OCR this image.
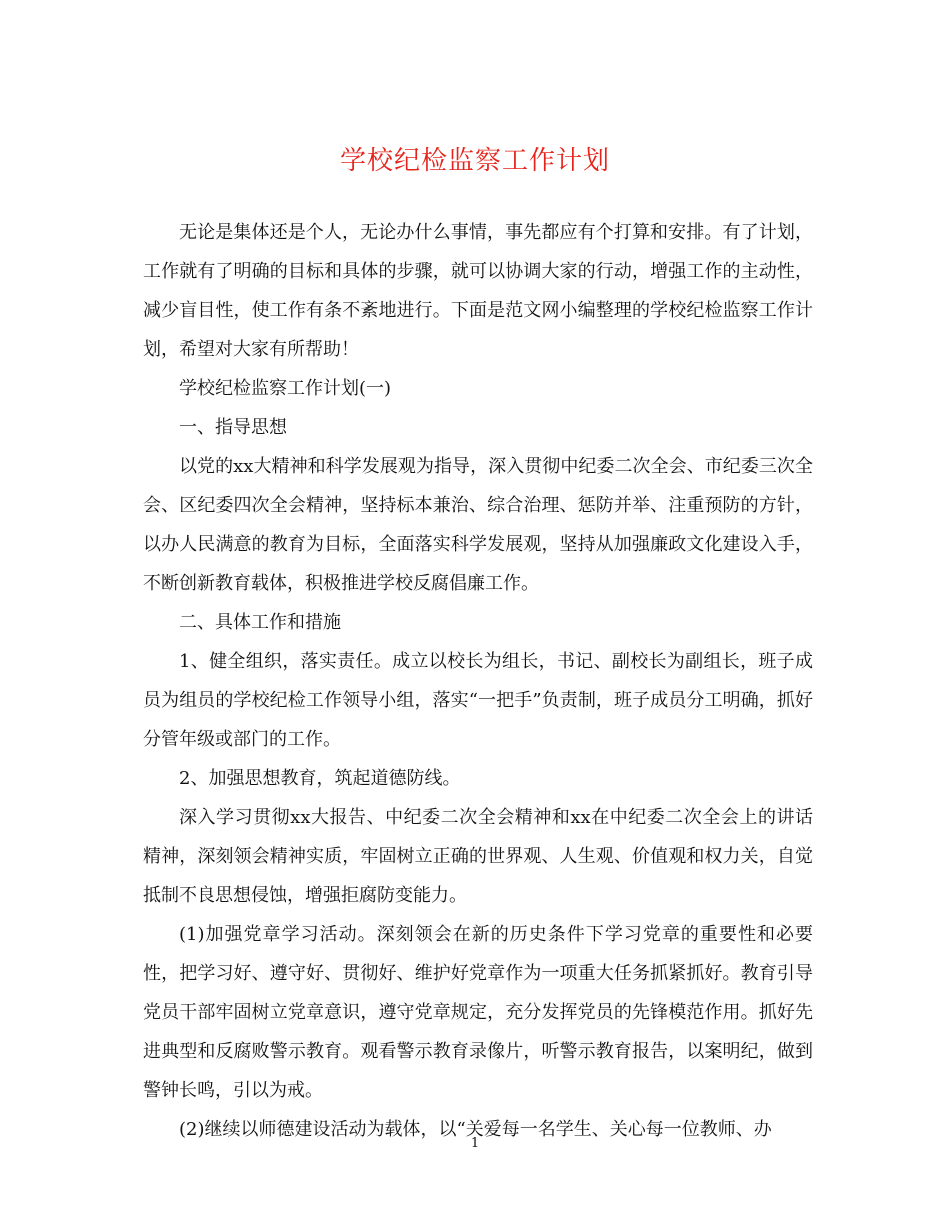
学校纪检监察工作计划

无论是集体还是个人，无论办什么事情，事先都应有个打算和安排。有了计划，工作就有了明确的目标和具体的步骤，就可以协调大家的行动，增强工作的主动性，减少盲目性，使工作有条不紊地进行。下面是范文网小编整理的学校纪检监察工作计划，希望对大家有所帮助！

学校纪检监察工作计划(一)

一、指导思想

以党的xx大精神和科学发展观为指导，深入贯彻中纪委二次全会、市纪委三次全会、区纪委四次全会精神，坚持标本兼治、综合治理、惩防并举、注重预防的方针，以办人民满意的教育为目标，全面落实科学发展观，坚持从加强廉政文化建设入手，不断创新教育载体，积极推进学校反腐倡廉工作。

二、具体工作和措施

1、健全组织，落实责任。成立以校长为组长，书记、副校长为副组长，班子成员为组员的学校纪检工作领导小组，落实“一把手”负责制，班子成员分工明确，抓好分管年级或部门的工作。

2、加强思想教育，筑起道德防线。

深入学习贯彻xx大报告、中纪委二次全会精神和xx在中纪委二次全会上的讲话精神，深刻领会精神实质，牢固树立正确的世界观、人生观、价值观和权力关，自觉抵制不良思想侵蚀，增强拒腐防变能力。

(1)加强党章学习活动。深刻领会在新的历史条件下学习党章的重要性和必要性，把学习好、遵守好、贯彻好、维护好党章作为一项重大任务抓紧抓好。教育引导党员干部牢固树立党章意识，遵守党章规定，充分发挥党员的先锋模范作用。抓好先进典型和反腐败警示教育。观看警示教育录像片，听警示教育报告，以案明纪，做到警钟长鸣，引以为戒。

(2)继续以师德建设活动为载体，以“关爱每一名学生、关心每一位教师、办

1
